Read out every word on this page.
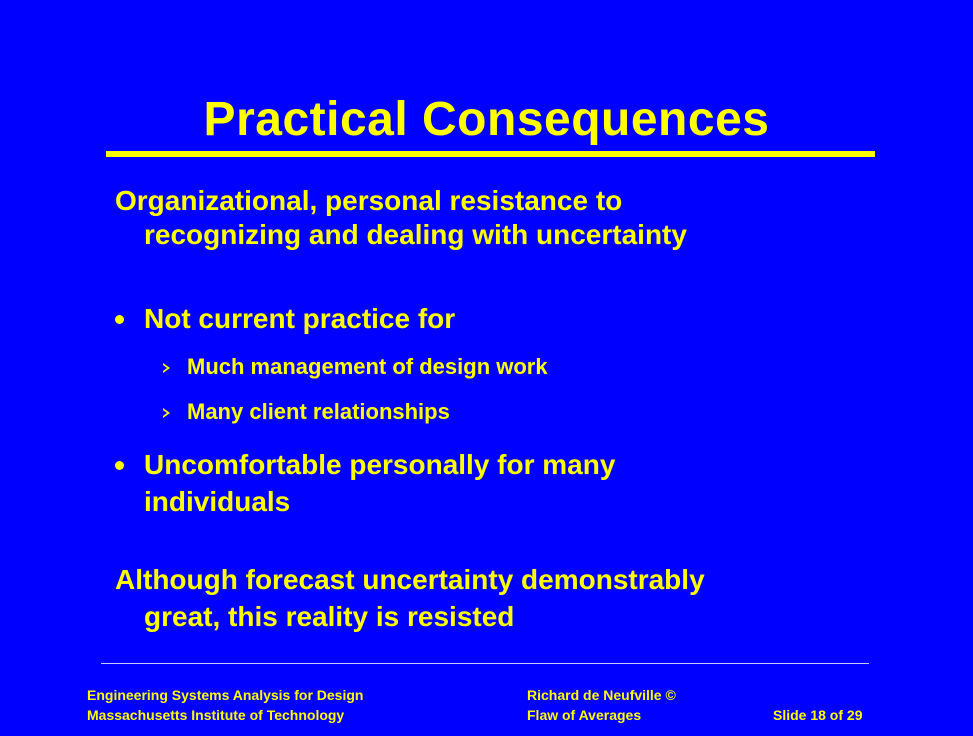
Practical Consequences
Organizational, personal resistance to
recognizing and dealing with uncertainty
Not current practice for
Much management of design work
Many client relationships
Uncomfortable personally for many
individuals
Although forecast uncertainty demonstrably
great, this reality is resisted
Engineering Systems Analysis for Design
Massachusetts Institute of Technology
Richard de Neufville ©
Flaw of Averages	Slide 18 of 29
